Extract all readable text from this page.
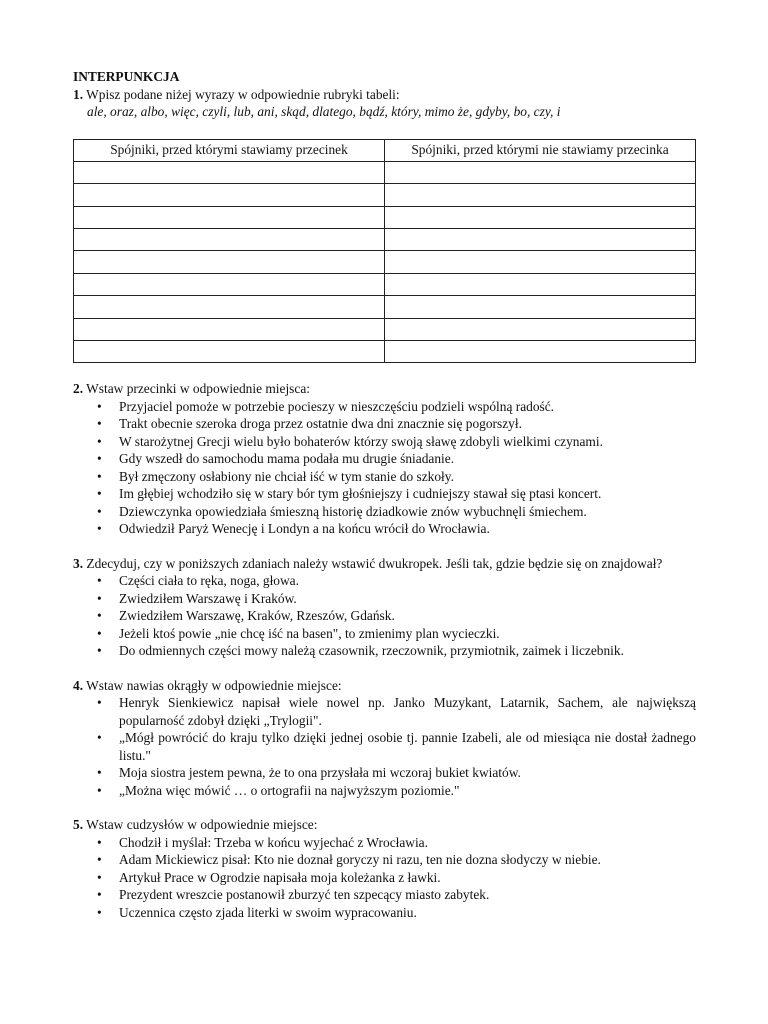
INTERPUNKCJA

1. Wpisz podane niżej wyrazy w odpowiednie rubryki tabeli:

ale, oraz, albo, więc, czyli, lub, ani, skąd, dlatego, bądź, który, mimo że, gdyby, bo, czy, i

Spójniki, przed którymi stawiamy przecinek	Spójniki, przed którymi nie stawiamy przecinka

2. Wstaw przecinki w odpowiednie miejsca:

• Przyjaciel pomoże w potrzebie pocieszy w nieszczęściu podzieli wspólną radość.
• Trakt obecnie szeroka droga przez ostatnie dwa dni znacznie się pogorszył.
• W starożytnej Grecji wielu było bohaterów którzy swoją sławę zdobyli wielkimi czynami.
• Gdy wszedł do samochodu mama podała mu drugie śniadanie.
• Był zmęczony osłabiony nie chciał iść w tym stanie do szkoły.
• Im głębiej wchodziło się w stary bór tym głośniejszy i cudniejszy stawał się ptasi koncert.
• Dziewczynka opowiedziała śmieszną historię dziadkowie znów wybuchnęli śmiechem.
• Odwiedził Paryż Wenecję i Londyn a na końcu wrócił do Wrocławia.

3. Zdecyduj, czy w poniższych zdaniach należy wstawić dwukropek. Jeśli tak, gdzie będzie się on znajdował?

• Części ciała to ręka, noga, głowa.
• Zwiedziłem Warszawę i Kraków.
• Zwiedziłem Warszawę, Kraków, Rzeszów, Gdańsk.
• Jeżeli ktoś powie „nie chcę iść na basen", to zmienimy plan wycieczki.
• Do odmiennych części mowy należą czasownik, rzeczownik, przymiotnik, zaimek i liczebnik.

4. Wstaw nawias okrągły w odpowiednie miejsce:

• Henryk Sienkiewicz napisał wiele nowel np. Janko Muzykant, Latarnik, Sachem, ale największą popularność zdobył dzięki „Trylogii".
• „Mógł powrócić do kraju tylko dzięki jednej osobie tj. pannie Izabeli, ale od miesiąca nie dostał żadnego listu."
• Moja siostra jestem pewna, że to ona przysłała mi wczoraj bukiet kwiatów.
• „Można więc mówić … o ortografii na najwyższym poziomie."

5. Wstaw cudzysłów w odpowiednie miejsce:

• Chodził i myślał: Trzeba w końcu wyjechać z Wrocławia.
• Adam Mickiewicz pisał: Kto nie doznał goryczy ni razu, ten nie dozna słodyczy w niebie.
• Artykuł Prace w Ogrodzie napisała moja koleżanka z ławki.
• Prezydent wreszcie postanowił zburzyć ten szpecący miasto zabytek.
• Uczennica często zjada literki w swoim wypracowaniu.
